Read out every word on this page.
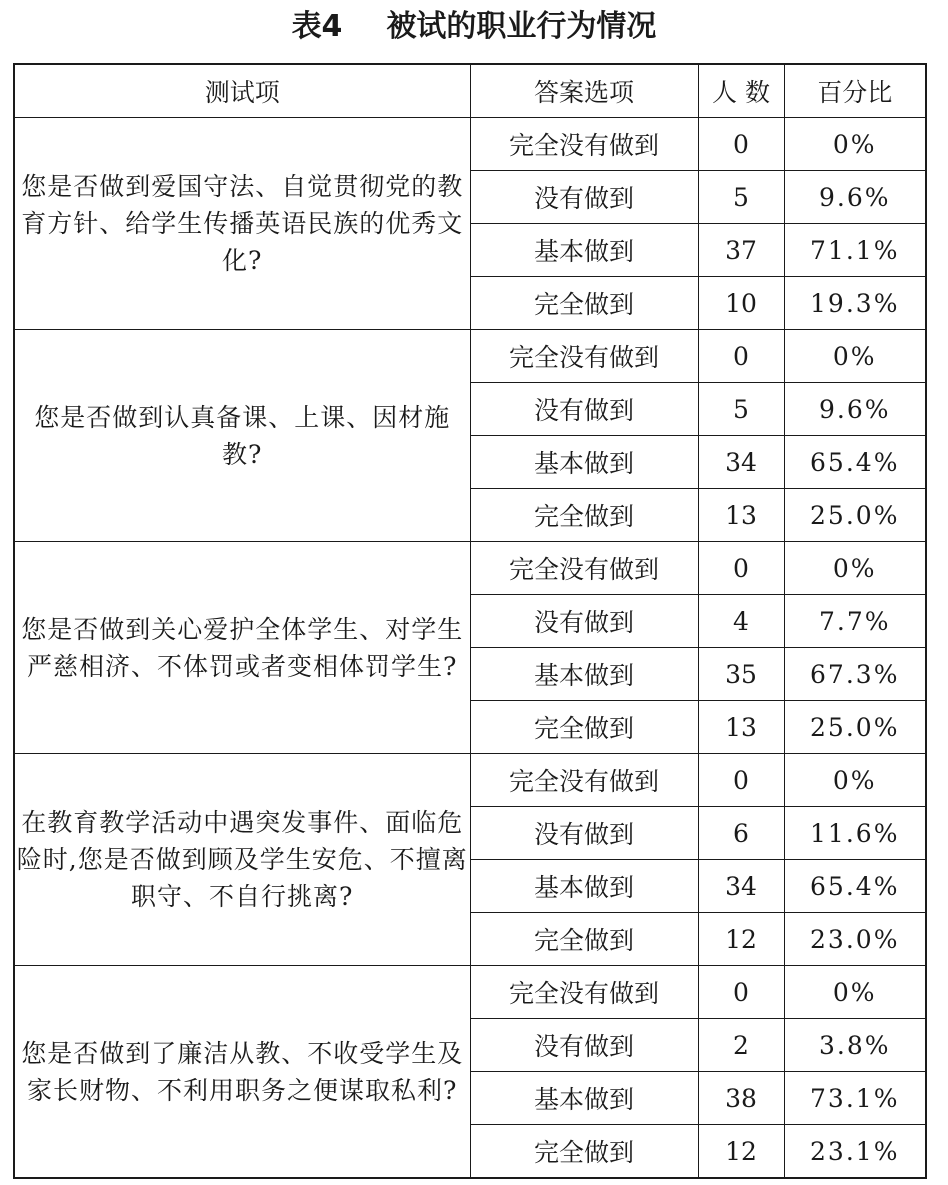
表4 被试的职业行为情况
测试项	答案选项	人 数	百分比
您是否做到爱国守法、自觉贯彻党的教育方针、给学生传播英语民族的优秀文化?	完全没有做到	0	0%
	没有做到	5	9.6%
	基本做到	37	71.1%
	完全做到	10	19.3%
您是否做到认真备课、上课、因材施教?	完全没有做到	0	0%
	没有做到	5	9.6%
	基本做到	34	65.4%
	完全做到	13	25.0%
您是否做到关心爱护全体学生、对学生严慈相济、不体罚或者变相体罚学生?	完全没有做到	0	0%
	没有做到	4	7.7%
	基本做到	35	67.3%
	完全做到	13	25.0%
在教育教学活动中遇突发事件、面临危险时,您是否做到顾及学生安危、不擅离职守、不自行挑离?	完全没有做到	0	0%
	没有做到	6	11.6%
	基本做到	34	65.4%
	完全做到	12	23.0%
您是否做到了廉洁从教、不收受学生及家长财物、不利用职务之便谋取私利?	完全没有做到	0	0%
	没有做到	2	3.8%
	基本做到	38	73.1%
	完全做到	12	23.1%
